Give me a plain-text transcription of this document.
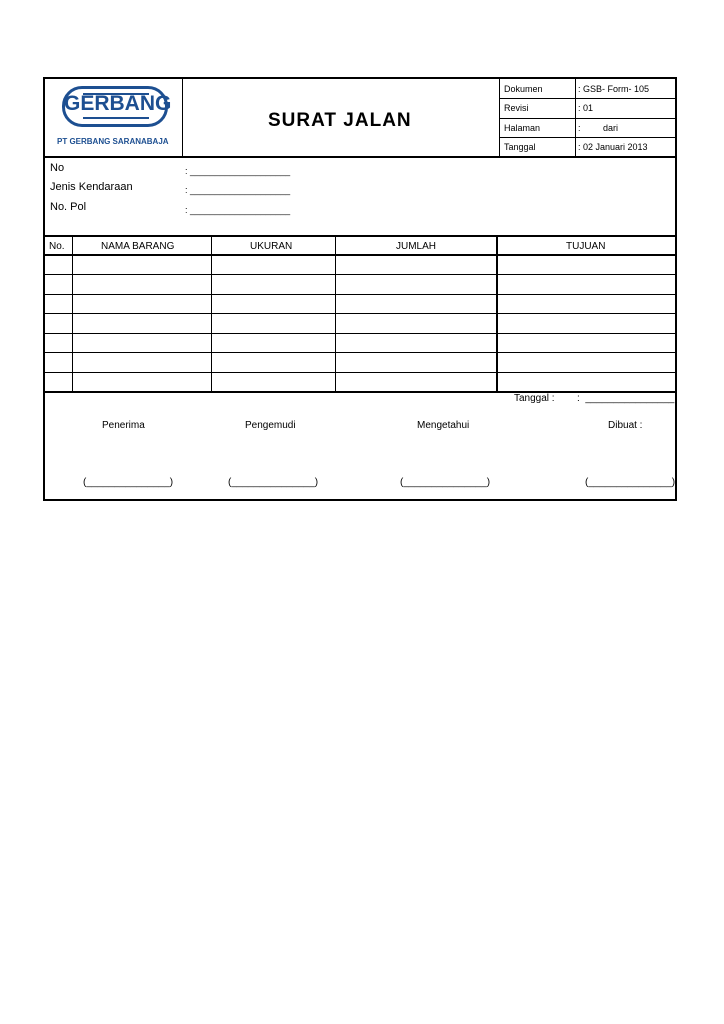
GERBANG
PT GERBANG SARANABAJA
SURAT JALAN
Dokumen	: GSB- Form- 105
Revisi	: 01
Halaman	:         dari
Tanggal	: 02 Januari 2013
No	: ____________________
Jenis Kendaraan	: ____________________
No. Pol	: ____________________
No.	NAMA BARANG	UKURAN	JUMLAH	TUJUAN
Tanggal : :  ________________
Penerima	Pengemudi	Mengetahui	Dibuat :
(_______________)	(_______________)	(_______________)	(_______________)
